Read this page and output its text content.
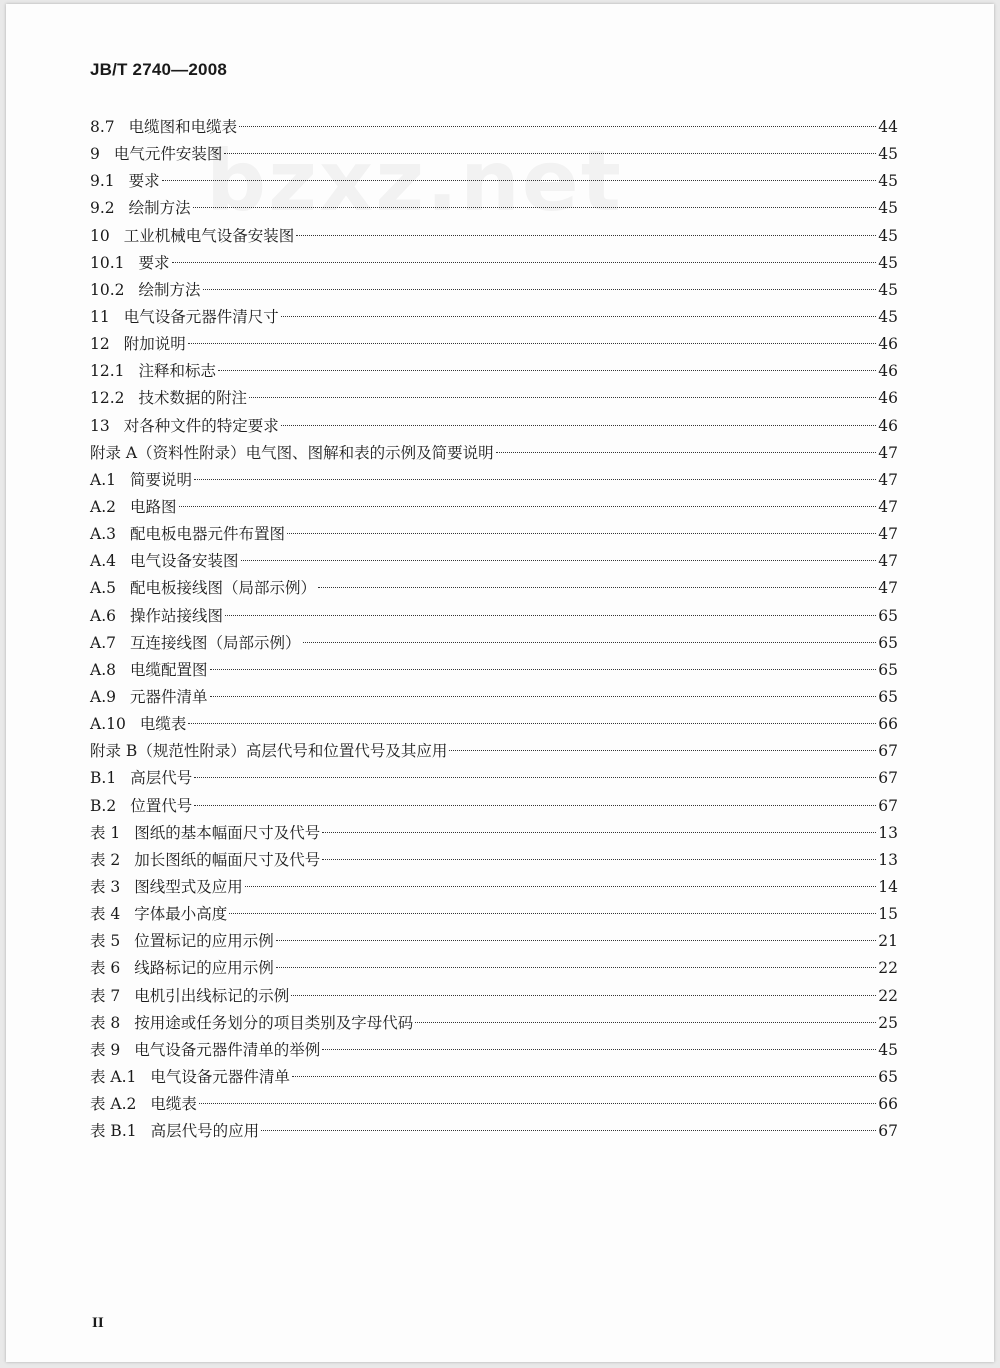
JB/T 2740—2008
8.7 电缆图和电缆表	44
9 电气元件安装图	45
9.1 要求	45
9.2 绘制方法	45
10 工业机械电气设备安装图	45
10.1 要求	45
10.2 绘制方法	45
11 电气设备元器件清尺寸	45
12 附加说明	46
12.1 注释和标志	46
12.2 技术数据的附注	46
13 对各种文件的特定要求	46
附录 A（资料性附录）电气图、图解和表的示例及简要说明	47
A.1 简要说明	47
A.2 电路图	47
A.3 配电板电器元件布置图	47
A.4 电气设备安装图	47
A.5 配电板接线图（局部示例）	47
A.6 操作站接线图	65
A.7 互连接线图（局部示例）	65
A.8 电缆配置图	65
A.9 元器件清单	65
A.10 电缆表	66
附录 B（规范性附录）高层代号和位置代号及其应用	67
B.1 高层代号	67
B.2 位置代号	67
表 1 图纸的基本幅面尺寸及代号	13
表 2 加长图纸的幅面尺寸及代号	13
表 3 图线型式及应用	14
表 4 字体最小高度	15
表 5 位置标记的应用示例	21
表 6 线路标记的应用示例	22
表 7 电机引出线标记的示例	22
表 8 按用途或任务划分的项目类别及字母代码	25
表 9 电气设备元器件清单的举例	45
表 A.1 电气设备元器件清单	65
表 A.2 电缆表	66
表 B.1 高层代号的应用	67
II
